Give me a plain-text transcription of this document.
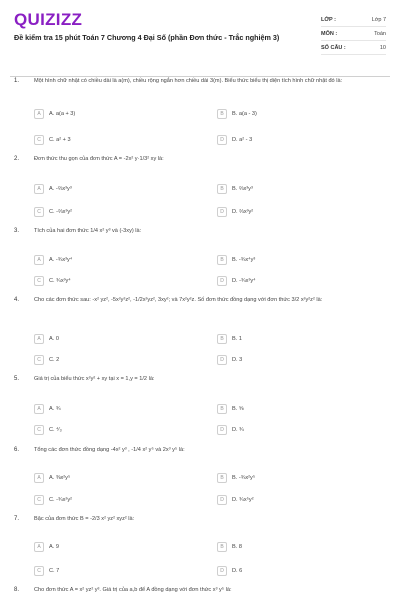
QUIZIZZ
Đề kiểm tra 15 phút Toán 7 Chương 4 Đại Số (phần Đơn thức - Trắc nghiệm 3)
LỚP :	Lớp 7
MÔN :	Toán
SỐ CÂU :	10
1.	Một hình chữ nhật có chiều dài là a(m), chiều rộng ngắn hơn chiều dài 3(m). Biểu thức biểu thị diện tích hình chữ nhật đó là:
A	A. a(a + 3)	B	B. a(a - 3)
C	C. a² + 3	D	D. a² - 3
2.	Đơn thức thu gọn của đơn thức A = -2x² y·1/3² xy là:
A	A. -⅔x³y³	B	B. ⅔x³y³
C	C. -⅔x³y²	D	D. ⅔x³y²
3.	Tích của hai đơn thức 1/4 x² y³ và (-3xy) là:
A	A. -¾x³y⁴	B	B. -¾x⁴y³
C	C. ¾x³y⁴	D	D. -¾x³y⁴
4.	Cho các đơn thức sau: -x² yz², -5x²y²z², -1/2x²yz², 3xy²; và 7x²y²z. Số đơn thức đồng dạng với đơn thức 3/2 x²y²z² là:
A	A. 0	B	B. 1
C	C. 2	D	D. 3
5.	Giá trị của biểu thức x²y² + xy tại x = 1,y = 1/2 là:
A	A. ¾	B	B. ⅝
C	C. ⁴⁄₃	D	D. ¾
6.	Tổng các đơn thức đồng dạng -4x² y³ , -1/4 x² y⁵ và 2x³ y⁵ là:
A	A. ⅜x²y⁵	B	B. -¾x²y⁵
C	C. -¾x²y²	D	D. ¾x⁵y²
7.	Bậc của đơn thức B = -2/3 x² yz² xyz² là:
A	A. 9	B	B. 8
C	C. 7	D	D. 6
8.	Cho đơn thức A = x² yz² y³. Giá trị của a,b để A đồng dạng với đơn thức x³ y⁵ là:
